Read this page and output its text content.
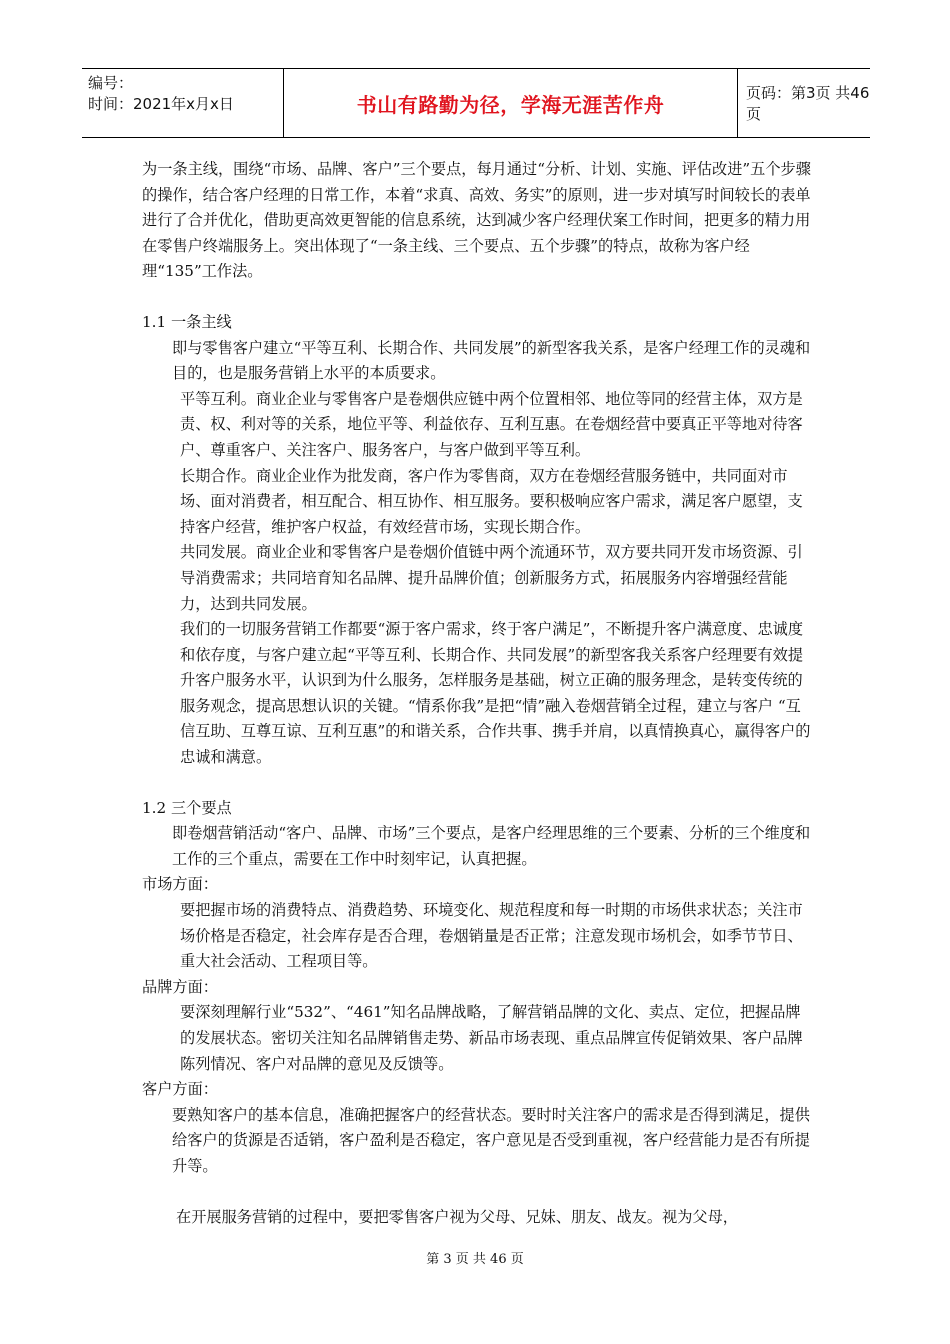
编号：
时间：2021年x月x日	书山有路勤为径，学海无涯苦作舟	页码：第3页 共46页

为一条主线，围绕“市场、品牌、客户”三个要点，每月通过“分析、计划、实施、评估改进”五个步骤的操作，结合客户经理的日常工作，本着“求真、高效、务实”的原则，进一步对填写时间较长的表单进行了合并优化，借助更高效更智能的信息系统，达到减少客户经理伏案工作时间，把更多的精力用在零售户终端服务上。突出体现了“一条主线、三个要点、五个步骤”的特点，故称为客户经理“135”工作法。

1.1 一条主线

即与零售客户建立“平等互利、长期合作、共同发展”的新型客我关系，是客户经理工作的灵魂和目的，也是服务营销上水平的本质要求。

平等互利。商业企业与零售客户是卷烟供应链中两个位置相邻、地位等同的经营主体，双方是责、权、利对等的关系，地位平等、利益依存、互利互惠。在卷烟经营中要真正平等地对待客户、尊重客户、关注客户、服务客户，与客户做到平等互利。

长期合作。商业企业作为批发商，客户作为零售商，双方在卷烟经营服务链中，共同面对市场、面对消费者，相互配合、相互协作、相互服务。要积极响应客户需求，满足客户愿望，支持客户经营，维护客户权益，有效经营市场，实现长期合作。

共同发展。商业企业和零售客户是卷烟价值链中两个流通环节，双方要共同开发市场资源、引导消费需求；共同培育知名品牌、提升品牌价值；创新服务方式，拓展服务内容增强经营能力，达到共同发展。

我们的一切服务营销工作都要“源于客户需求，终于客户满足”，不断提升客户满意度、忠诚度和依存度，与客户建立起“平等互利、长期合作、共同发展”的新型客我关系客户经理要有效提升客户服务水平，认识到为什么服务，怎样服务是基础，树立正确的服务理念，是转变传统的服务观念，提高思想认识的关键。“情系你我”是把“情”融入卷烟营销全过程，建立与客户 “互信互助、互尊互谅、互利互惠”的和谐关系，合作共事、携手并肩，以真情换真心，赢得客户的忠诚和满意。

1.2 三个要点

即卷烟营销活动“客户、品牌、市场”三个要点，是客户经理思维的三个要素、分析的三个维度和工作的三个重点，需要在工作中时刻牢记，认真把握。

市场方面：

要把握市场的消费特点、消费趋势、环境变化、规范程度和每一时期的市场供求状态；关注市场价格是否稳定，社会库存是否合理，卷烟销量是否正常；注意发现市场机会，如季节节日、重大社会活动、工程项目等。

品牌方面：

要深刻理解行业“532”、“461”知名品牌战略，了解营销品牌的文化、卖点、定位，把握品牌的发展状态。密切关注知名品牌销售走势、新品市场表现、重点品牌宣传促销效果、客户品牌陈列情况、客户对品牌的意见及反馈等。

客户方面：

要熟知客户的基本信息，准确把握客户的经营状态。要时时关注客户的需求是否得到满足，提供给客户的货源是否适销，客户盈利是否稳定，客户意见是否受到重视，客户经营能力是否有所提升等。

在开展服务营销的过程中，要把零售客户视为父母、兄妹、朋友、战友。视为父母，

第 3 页 共 46 页
